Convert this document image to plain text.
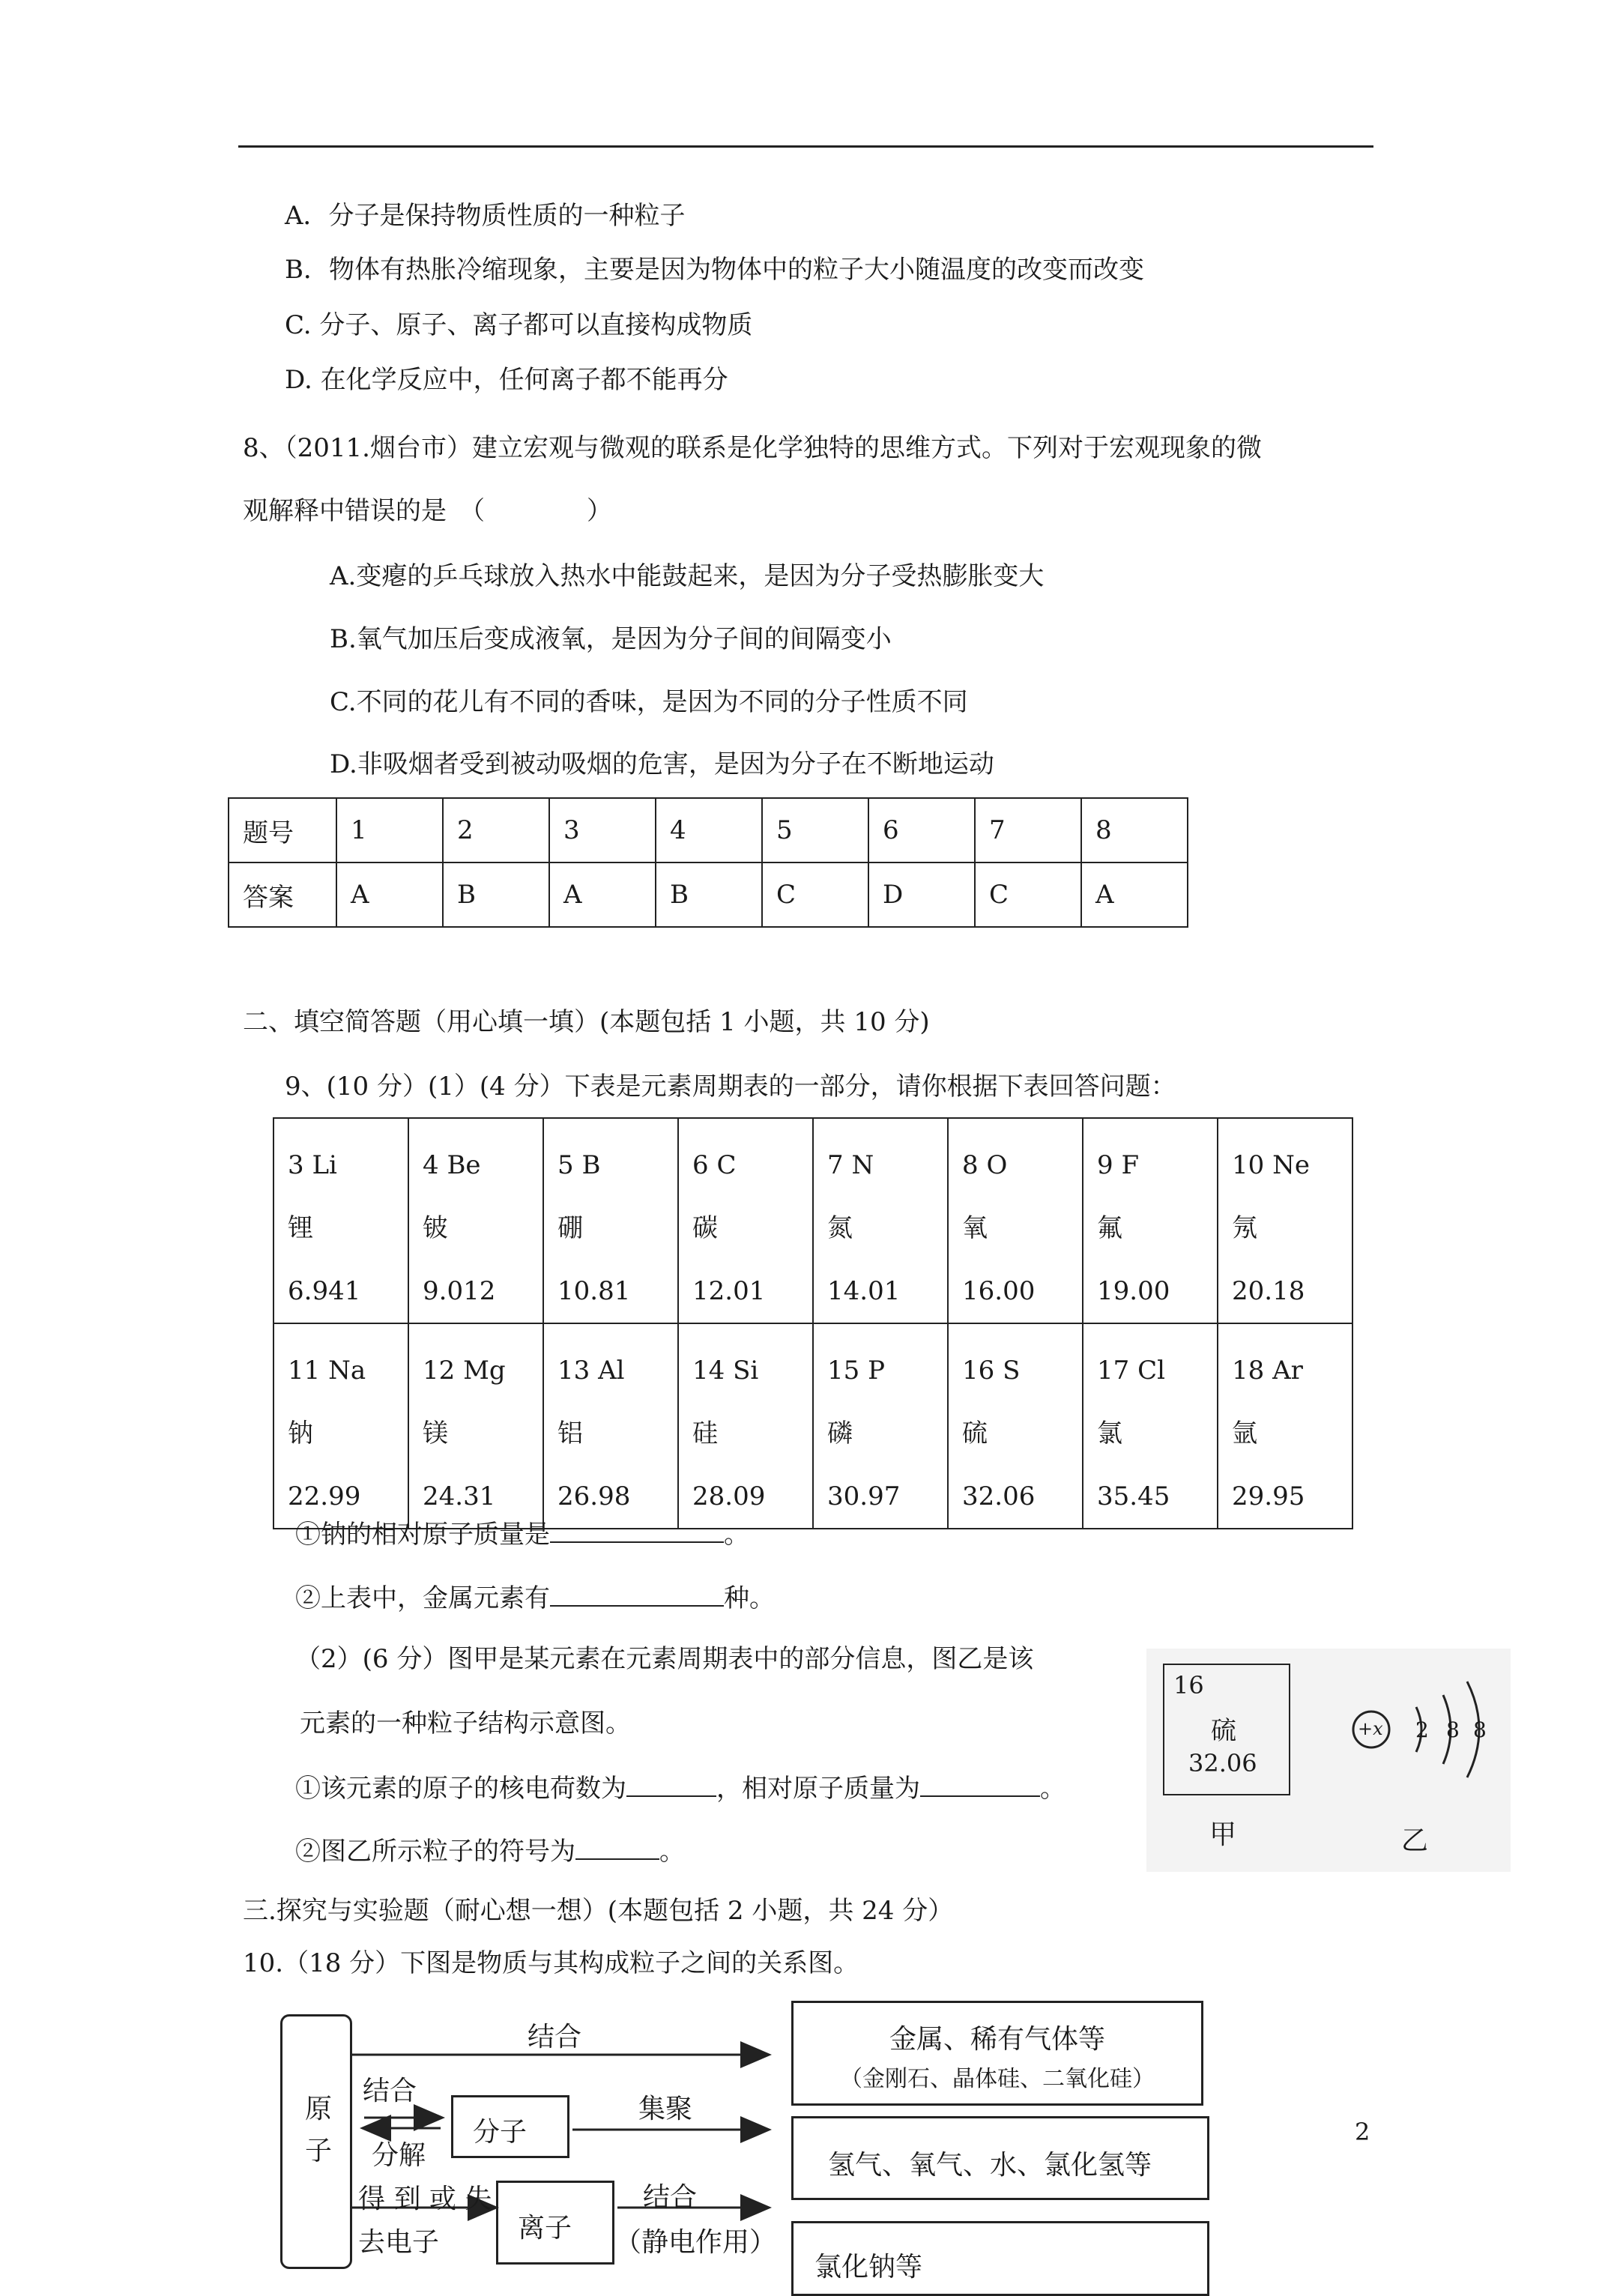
A．分子是保持物质性质的一种粒子
B．物体有热胀冷缩现象，主要是因为物体中的粒子大小随温度的改变而改变
C. 分子、原子、离子都可以直接构成物质
D. 在化学反应中，任何离子都不能再分
8、（2011.烟台市）建立宏观与微观的联系是化学独特的思维方式。下列对于宏观现象的微
观解释中错误的是　（　　　　）
A.变瘪的乒乓球放入热水中能鼓起来，是因为分子受热膨胀变大
B.氧气加压后变成液氧，是因为分子间的间隔变小
C.不同的花儿有不同的香味，是因为不同的分子性质不同
D.非吸烟者受到被动吸烟的危害，是因为分子在不断地运动
题号	1	2	3	4	5	6	7	8
答案	A	B	A	B	C	D	C	A
二、填空简答题（用心填一填）(本题包括 1 小题，共 10 分)
9、(10 分）(1）(4 分）下表是元素周期表的一部分，请你根据下表回答问题：
3 Li
锂
6.941	4 Be
铍
9.012	5 B
硼
10.81	6 C
碳
12.01	7 N
氮
14.01	8 O
氧
16.00	9 F
氟
19.00	10 Ne
氖
20.18

11 Na
钠
22.99	12 Mg
镁
24.31	13 Al
铝
26.98	14 Si
硅
28.09	15 P
磷
30.97	16 S
硫
32.06	17 Cl
氯
35.45	18 Ar
氩
29.95
①钠的相对原子质量是	。
②上表中，金属元素有	种。
（2）(6 分）图甲是某元素在元素周期表中的部分信息，图乙是该
元素的一种粒子结构示意图。
①该元素的原子的核电荷数为	，相对原子质量为	。
②图乙所示粒子的符号为	。
16
硫
32.06
甲
+x 2 8 8
乙
三.探究与实验题（耐心想一想）(本题包括 2 小题，共 24 分）
10.（18 分）下图是物质与其构成粒子之间的关系图。
原子
结合
结合
分解
分子
集聚
得 到 或 失
去电子	离子
结合
（静电作用）
金属、稀有气体等
（金刚石、晶体硅、二氧化硅）
氢气、氧气、水、氯化氢等
氯化钠等
2
